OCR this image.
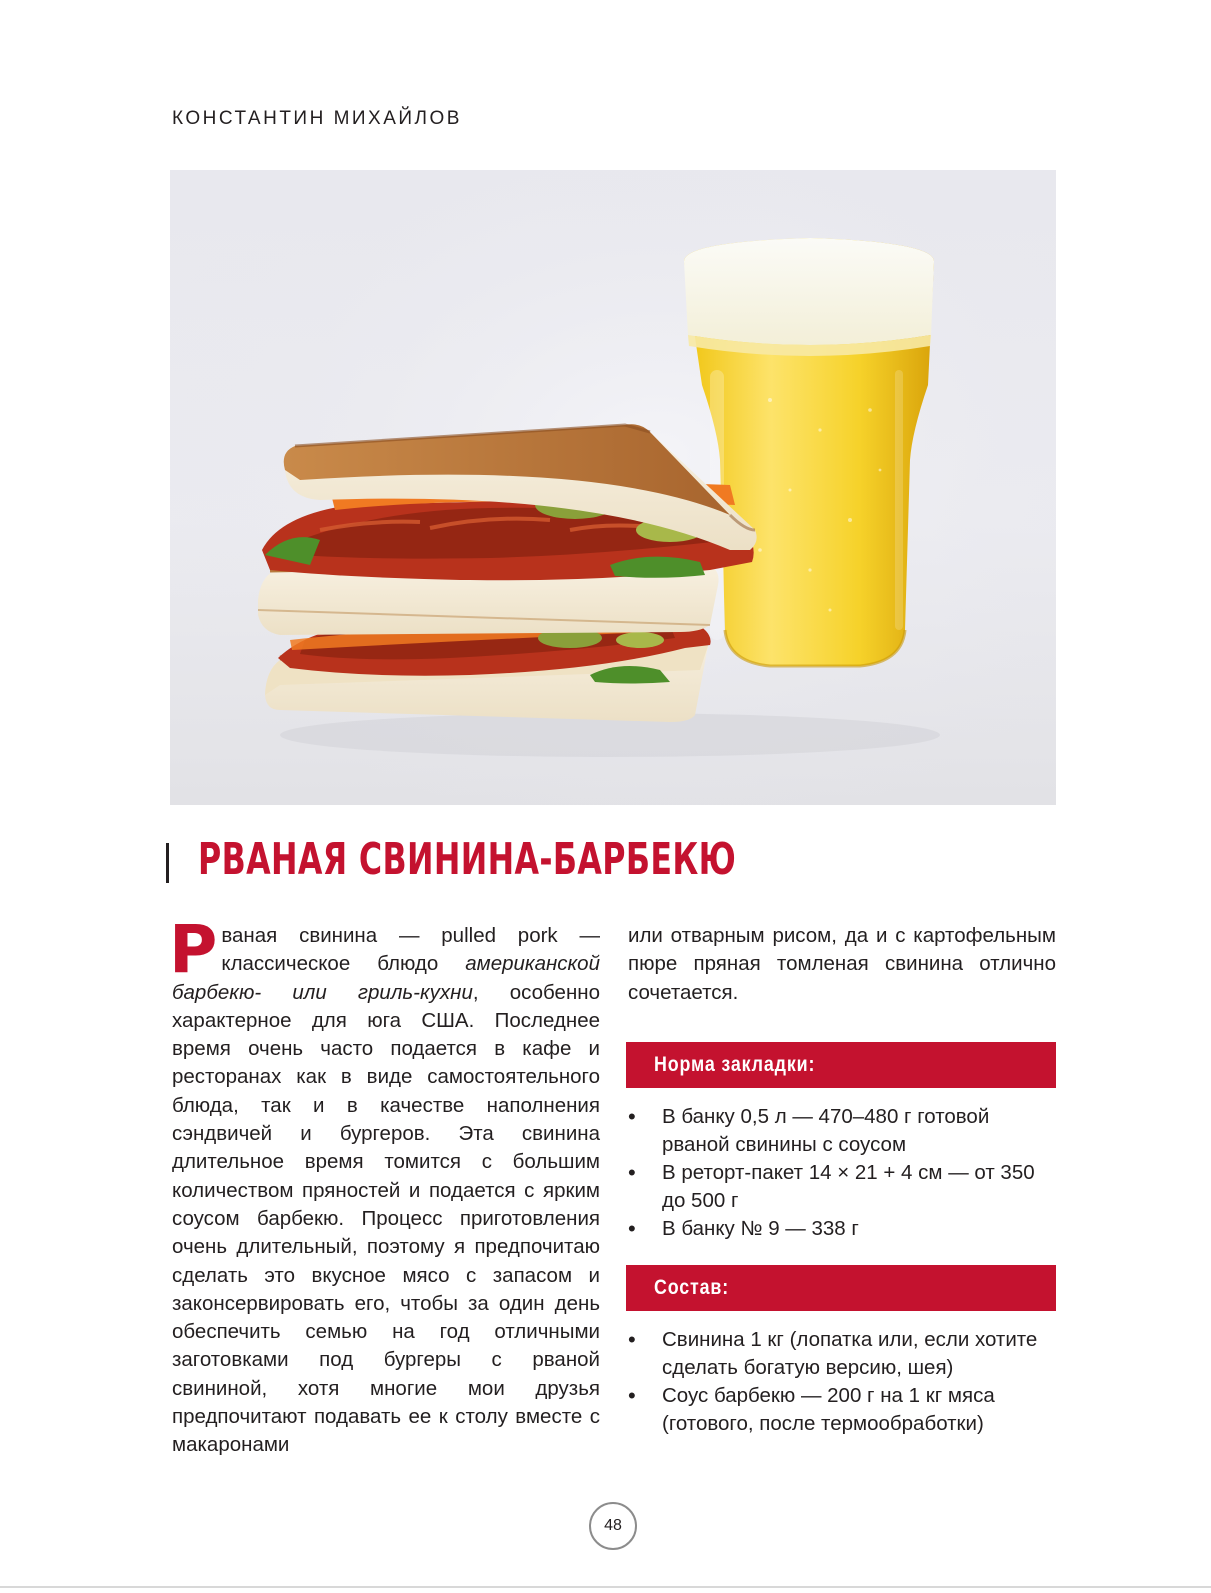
КОНСТАНТИН МИХАЙЛОВ
РВАНАЯ СВИНИНА-БАРБЕКЮ
Рваная свинина — pulled pork — классическое блюдо американской барбекю- или гриль-кухни, особенно характерное для юга США. Последнее время очень часто подается в кафе и ресторанах как в виде самостоятельного блюда, так и в качестве наполнения сэндвичей и бургеров. Эта свинина длительное время томится с большим количеством пряностей и подается с ярким соусом барбекю. Процесс приготовления очень длительный, поэтому я предпочитаю сделать это вкусное мясо с запасом и законсервировать его, чтобы за один день обеспечить семью на год отличными заготовками под бургеры с рваной свининой, хотя многие мои друзья предпочитают подавать ее к столу вместе с макаронами

или отварным рисом, да и с картофельным пюре пряная томленая свинина отлично сочетается.

Норма закладки:
• В банку 0,5 л — 470–480 г готовой рваной свинины с соусом
• В реторт-пакет 14 × 21 + 4 см — от 350 до 500 г
• В банку № 9 — 338 г
Состав:
• Свинина 1 кг (лопатка или, если хотите сделать богатую версию, шея)
• Соус барбекю — 200 г на 1 кг мяса (готового, после термообработки)
48
